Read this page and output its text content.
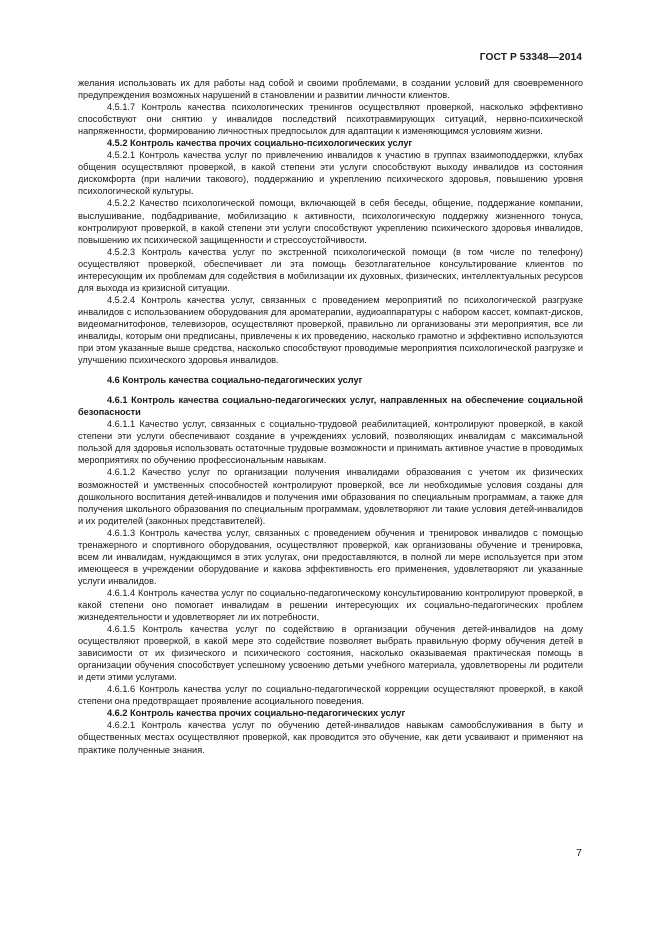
ГОСТ Р 53348—2014

желания использовать их для работы над собой и своими проблемами, в создании условий для своевременного предупреждения возможных нарушений в становлении и развитии личности клиентов.

4.5.1.7 Контроль качества психологических тренингов осуществляют проверкой, насколько эффективно способствуют они снятию у инвалидов последствий психотравмирующих ситуаций, нервно-психической напряженности, формированию личностных предпосылок для адаптации к изменяющимся условиям жизни.

4.5.2 Контроль качества прочих социально-психологических услуг

4.5.2.1 Контроль качества услуг по привлечению инвалидов к участию в группах взаимоподдержки, клубах общения осуществляют проверкой, в какой степени эти услуги способствуют выходу инвалидов из состояния дискомфорта (при наличии такового), поддержанию и укреплению психического здоровья, повышению уровня психологической культуры.

4.5.2.2 Качество психологической помощи, включающей в себя беседы, общение, поддержание компании, выслушивание, подбадривание, мобилизацию к активности, психологическую поддержку жизненного тонуса, контролируют проверкой, в какой степени эти услуги способствуют укреплению психического здоровья инвалидов, повышению их психической защищенности и стрессоустойчивости.

4.5.2.3 Контроль качества услуг по экстренной психологической помощи (в том числе по телефону) осуществляют проверкой, обеспечивает ли эта помощь безотлагательное консультирование клиентов по интересующим их проблемам для содействия в мобилизации их духовных, физических, интеллектуальных ресурсов для выхода из кризисной ситуации.

4.5.2.4 Контроль качества услуг, связанных с проведением мероприятий по психологической разгрузке инвалидов с использованием оборудования для ароматерапии, аудиоаппаратуры с набором кассет, компакт-дисков, видеомагнитофонов, телевизоров, осуществляют проверкой, правильно ли организованы эти мероприятия, все ли инвалиды, которым они предписаны, привлечены к их проведению, насколько грамотно и эффективно используются при этом указанные выше средства, насколько способствуют проводимые мероприятия психологической разгрузке и улучшению психического здоровья инвалидов.

4.6 Контроль качества социально-педагогических услуг

4.6.1 Контроль качества социально-педагогических услуг, направленных на обеспечение социальной безопасности

4.6.1.1 Качество услуг, связанных с социально-трудовой реабилитацией, контролируют проверкой, в какой степени эти услуги обеспечивают создание в учреждениях условий, позволяющих инвалидам с максимальной пользой для здоровья использовать остаточные трудовые возможности и принимать активное участие в проводимых мероприятиях по обучению профессиональным навыкам.

4.6.1.2 Качество услуг по организации получения инвалидами образования с учетом их физических возможностей и умственных способностей контролируют проверкой, все ли необходимые условия созданы для дошкольного воспитания детей-инвалидов и получения ими образования по специальным программам, а также для получения школьного образования по специальным программам, удовлетворяют ли такие условия детей-инвалидов и их родителей (законных представителей).

4.6.1.3 Контроль качества услуг, связанных с проведением обучения и тренировок инвалидов с помощью тренажерного и спортивного оборудования, осуществляют проверкой, как организованы обучение и тренировка, всем ли инвалидам, нуждающимся в этих услугах, они предоставляются, в полной ли мере используется при этом имеющееся в учреждении оборудование и какова эффективность его применения, удовлетворяют ли указанные услуги инвалидов.

4.6.1.4 Контроль качества услуг по социально-педагогическому консультированию контролируют проверкой, в какой степени оно помогает инвалидам в решении интересующих их социально-педагогических проблем жизнедеятельности и удовлетворяет ли их потребности.

4.6.1.5 Контроль качества услуг по содействию в организации обучения детей-инвалидов на дому осуществляют проверкой, в какой мере это содействие позволяет выбрать правильную форму обучения детей в зависимости от их физического и психического состояния, насколько оказываемая практическая помощь в организации обучения способствует успешному усвоению детьми учебного материала, удовлетворены ли родители и дети этими услугами.

4.6.1.6 Контроль качества услуг по социально-педагогической коррекции осуществляют проверкой, в какой степени она предотвращает проявление асоциального поведения.

4.6.2 Контроль качества прочих социально-педагогических услуг

4.6.2.1 Контроль качества услуг по обучению детей-инвалидов навыкам самообслуживания в быту и общественных местах осуществляют проверкой, как проводится это обучение, как дети усваивают и применяют на практике полученные знания.

7
